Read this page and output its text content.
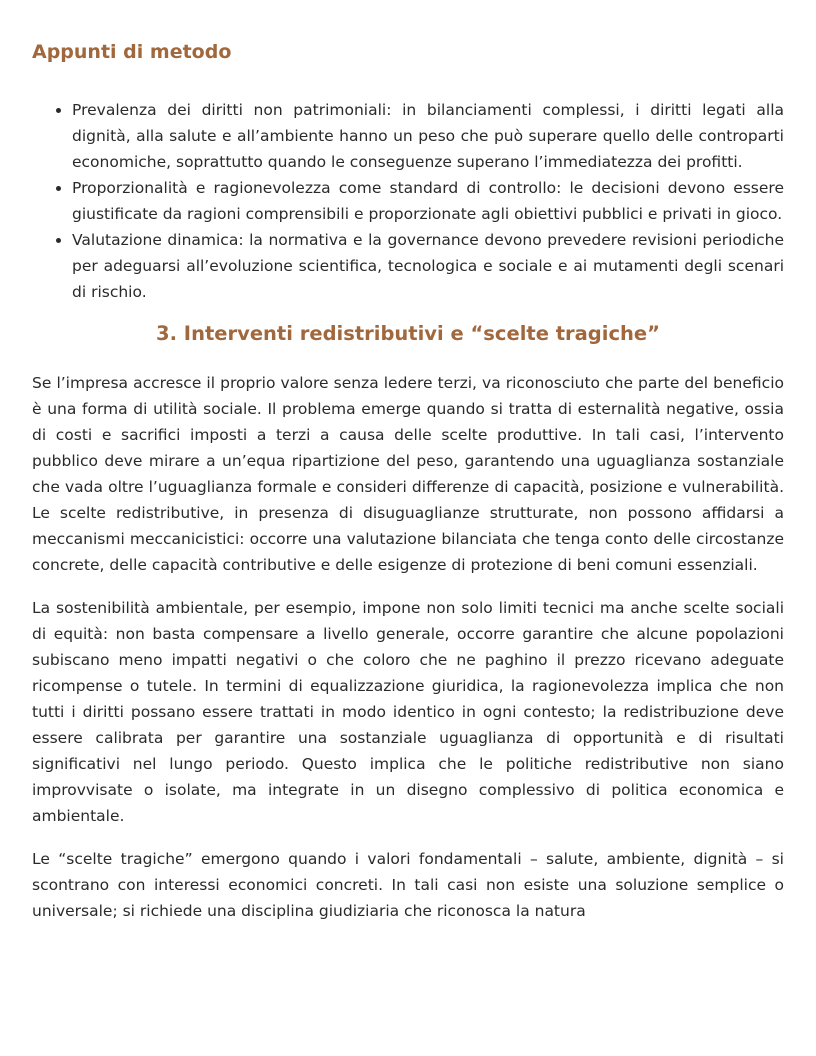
Appunti di metodo
• Prevalenza dei diritti non patrimoniali: in bilanciamenti complessi, i diritti legati alla dignità, alla salute e all’ambiente hanno un peso che può superare quello delle controparti economiche, soprattutto quando le conseguenze superano l’immediatezza dei profitti.
• Proporzionalità e ragionevolezza come standard di controllo: le decisioni devono essere giustificate da ragioni comprensibili e proporzionate agli obiettivi pubblici e privati in gioco.
• Valutazione dinamica: la normativa e la governance devono prevedere revisioni periodiche per adeguarsi all’evoluzione scientifica, tecnologica e sociale e ai mutamenti degli scenari di rischio.
3. Interventi redistributivi e “scelte tragiche”

Se l’impresa accresce il proprio valore senza ledere terzi, va riconosciuto che parte del beneficio è una forma di utilità sociale. Il problema emerge quando si tratta di esternalità negative, ossia di costi e sacrifici imposti a terzi a causa delle scelte produttive. In tali casi, l’intervento pubblico deve mirare a un’equa ripartizione del peso, garantendo una uguaglianza sostanziale che vada oltre l’uguaglianza formale e consideri differenze di capacità, posizione e vulnerabilità. Le scelte redistributive, in presenza di disuguaglianze strutturate, non possono affidarsi a meccanismi meccanicistici: occorre una valutazione bilanciata che tenga conto delle circostanze concrete, delle capacità contributive e delle esigenze di protezione di beni comuni essenziali.

La sostenibilità ambientale, per esempio, impone non solo limiti tecnici ma anche scelte sociali di equità: non basta compensare a livello generale, occorre garantire che alcune popolazioni subiscano meno impatti negativi o che coloro che ne paghino il prezzo ricevano adeguate ricompense o tutele. In termini di equalizzazione giuridica, la ragionevolezza implica che non tutti i diritti possano essere trattati in modo identico in ogni contesto; la redistribuzione deve essere calibrata per garantire una sostanziale uguaglianza di opportunità e di risultati significativi nel lungo periodo. Questo implica che le politiche redistributive non siano improvvisate o isolate, ma integrate in un disegno complessivo di politica economica e ambientale.

Le “scelte tragiche” emergono quando i valori fondamentali – salute, ambiente, dignità – si scontrano con interessi economici concreti. In tali casi non esiste una soluzione semplice o universale; si richiede una disciplina giudiziaria che riconosca la natura
